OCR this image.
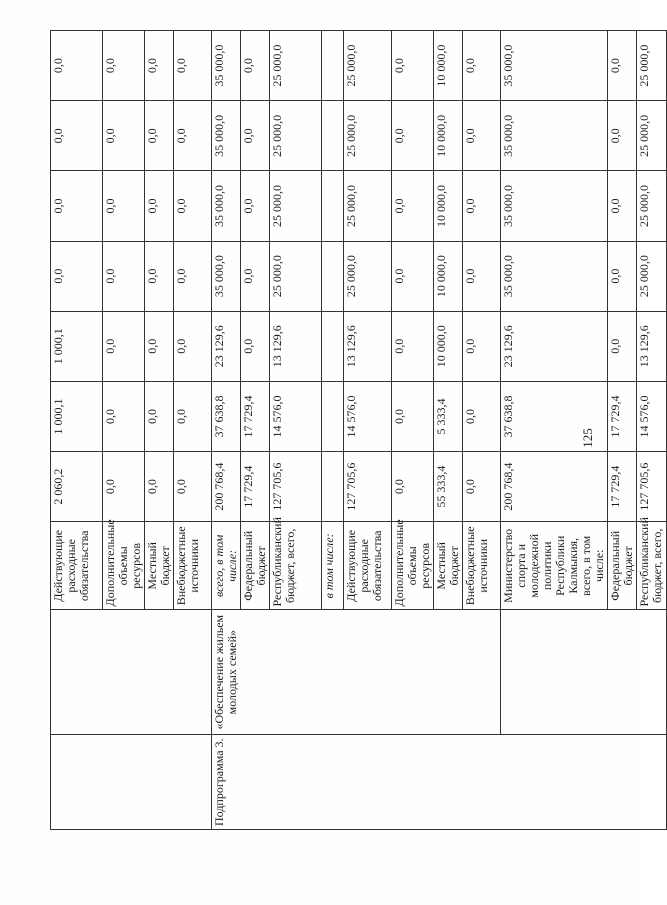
		Действующие расходные обязательства	2 060,2	1 000,1	1 000,1	0,0	0,0	0,0	0,0
		Дополнительные объемы ресурсов	0,0	0,0	0,0	0,0	0,0	0,0	0,0
		Местный бюджет	0,0	0,0	0,0	0,0	0,0	0,0	0,0
		Внебюджетные источники	0,0	0,0	0,0	0,0	0,0	0,0	0,0
Подпрограмма 3.	«Обеспечение жильем молодых семей»	всего, в том числе:	200 768,4	37 638,8	23 129,6	35 000,0	35 000,0	35 000,0	35 000,0
		Федеральный бюджет	17 729,4	17 729,4	0,0	0,0	0,0	0,0	0,0
		Республиканский бюджет, всего,	127 705,6	14 576,0	13 129,6	25 000,0	25 000,0	25 000,0	25 000,0
		в том числе:							
		Действующие расходные обязательства	127 705,6	14 576,0	13 129,6	25 000,0	25 000,0	25 000,0	25 000,0
		Дополнительные объемы ресурсов	0,0	0,0	0,0	0,0	0,0	0,0	0,0
		Местный бюджет	55 333,4	5 333,4	10 000,0	10 000,0	10 000,0	10 000,0	10 000,0
		Внебюджетные источники	0,0	0,0	0,0	0,0	0,0	0,0	0,0
		Министерство спорта и молодежной политики Республики Калмыкия, всего, в том числе:	200 768,4	37 638,8	23 129,6	35 000,0	35 000,0	35 000,0	35 000,0
		Федеральный бюджет	17 729,4	17 729,4	0,0	0,0	0,0	0,0	0,0
		Республиканский бюджет, всего,	127 705,6	14 576,0	13 129,6	25 000,0	25 000,0	25 000,0	25 000,0
125
